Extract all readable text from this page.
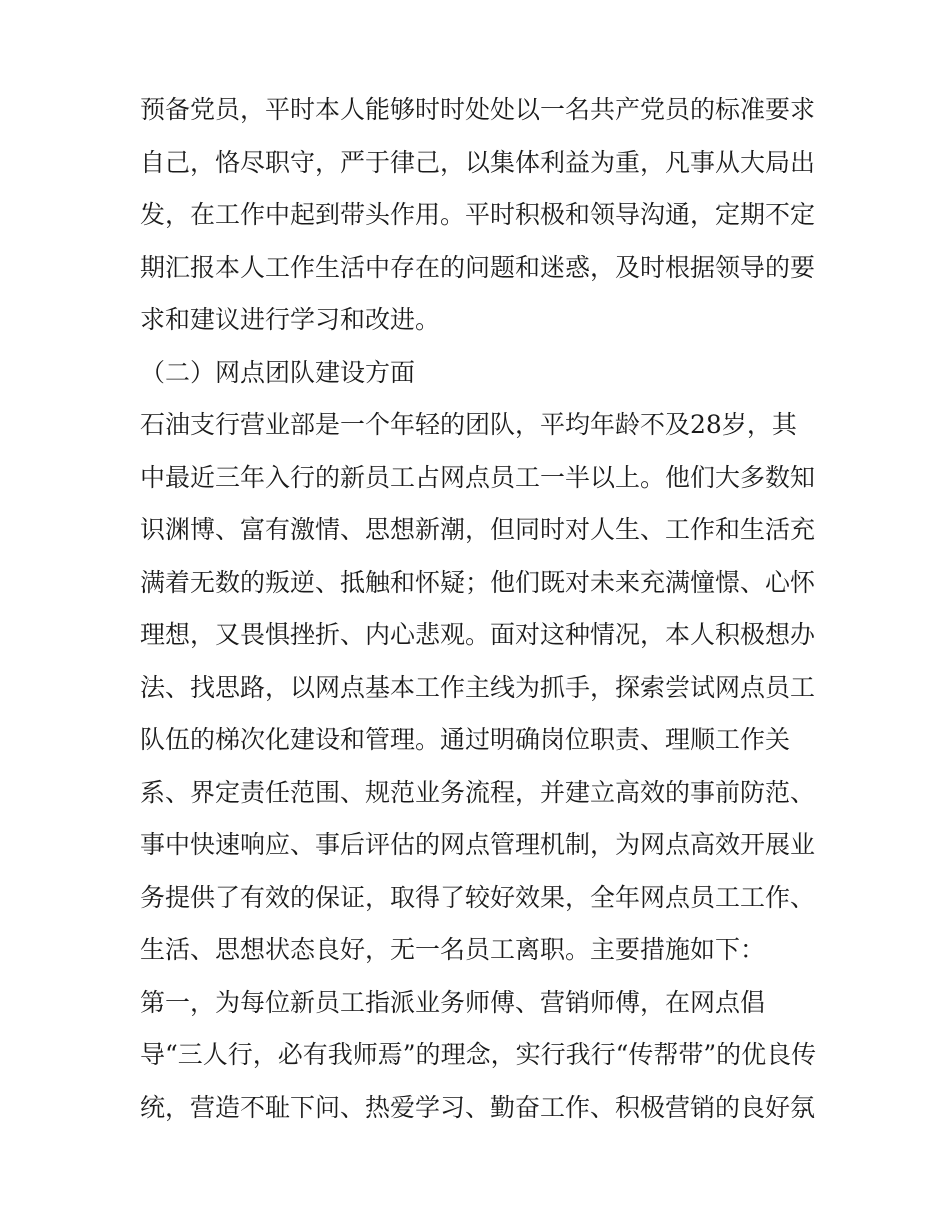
预备党员，平时本人能够时时处处以一名共产党员的标准要求
自己，恪尽职守，严于律己，以集体利益为重，凡事从大局出
发，在工作中起到带头作用。平时积极和领导沟通，定期不定
期汇报本人工作生活中存在的问题和迷惑，及时根据领导的要
求和建议进行学习和改进。
（二）网点团队建设方面
石油支行营业部是一个年轻的团队，平均年龄不及28岁，其
中最近三年入行的新员工占网点员工一半以上。他们大多数知
识渊博、富有激情、思想新潮，但同时对人生、工作和生活充
满着无数的叛逆、抵触和怀疑；他们既对未来充满憧憬、心怀
理想，又畏惧挫折、内心悲观。面对这种情况，本人积极想办
法、找思路，以网点基本工作主线为抓手，探索尝试网点员工
队伍的梯次化建设和管理。通过明确岗位职责、理顺工作关
系、界定责任范围、规范业务流程，并建立高效的事前防范、
事中快速响应、事后评估的网点管理机制，为网点高效开展业
务提供了有效的保证，取得了较好效果，全年网点员工工作、
生活、思想状态良好，无一名员工离职。主要措施如下：
第一，为每位新员工指派业务师傅、营销师傅，在网点倡
导“三人行，必有我师焉”的理念，实行我行“传帮带”的优良传
统，营造不耻下问、热爱学习、勤奋工作、积极营销的良好氛
